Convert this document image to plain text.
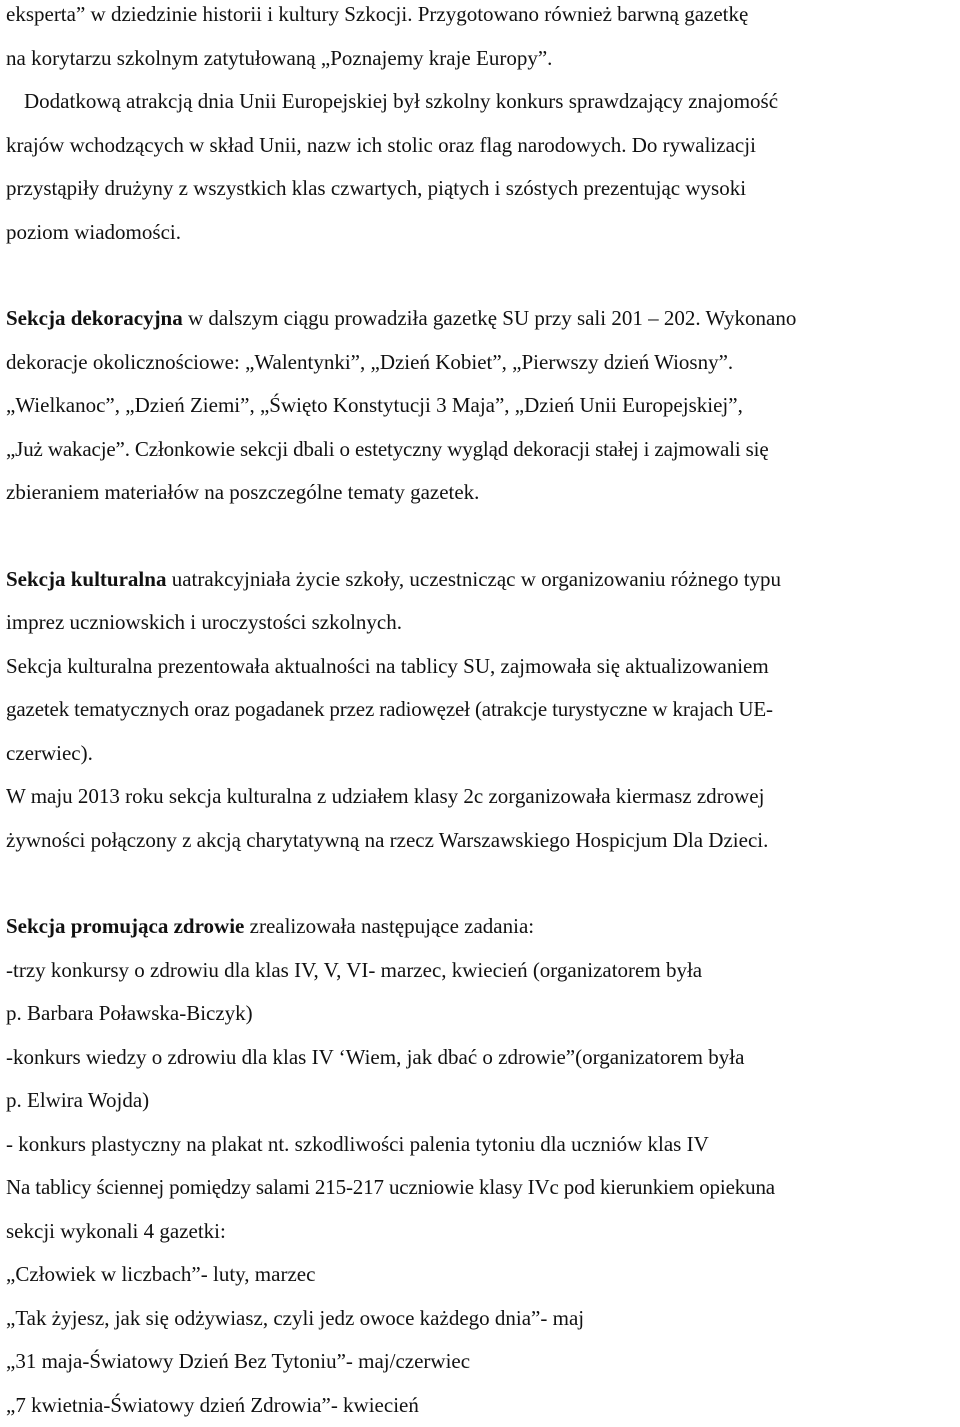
eksperta” w dziedzinie historii i kultury Szkocji. Przygotowano również barwną gazetkę
na korytarzu szkolnym zatytułowaną „Poznajemy kraje Europy”.
Dodatkową atrakcją dnia Unii Europejskiej był szkolny konkurs sprawdzający znajomość
krajów wchodzących w skład Unii, nazw ich stolic oraz flag narodowych. Do rywalizacji
przystąpiły drużyny z wszystkich klas czwartych, piątych i szóstych prezentując wysoki
poziom wiadomości.
Sekcja dekoracyjna w dalszym ciągu prowadziła gazetkę SU przy sali 201 – 202. Wykonano
dekoracje okolicznościowe: „Walentynki”, „Dzień Kobiet”, „Pierwszy dzień Wiosny”.
„Wielkanoc”, „Dzień Ziemi”, „Święto Konstytucji 3 Maja”, „Dzień Unii Europejskiej”,
„Już wakacje”. Członkowie sekcji dbali o estetyczny wygląd dekoracji stałej i zajmowali się
zbieraniem materiałów na poszczególne tematy gazetek.
Sekcja kulturalna uatrakcyjniała życie szkoły, uczestnicząc w organizowaniu różnego typu
imprez uczniowskich i uroczystości szkolnych.
Sekcja kulturalna prezentowała aktualności na tablicy SU, zajmowała się aktualizowaniem
gazetek tematycznych oraz pogadanek przez radiowęzeł (atrakcje turystyczne w krajach UE-
czerwiec).
W maju 2013 roku sekcja kulturalna z udziałem klasy 2c zorganizowała kiermasz zdrowej
żywności połączony z akcją charytatywną na rzecz Warszawskiego Hospicjum Dla Dzieci.
Sekcja promująca zdrowie zrealizowała następujące zadania:
-trzy konkursy o zdrowiu dla klas IV, V, VI- marzec, kwiecień (organizatorem była
p. Barbara Poławska-Biczyk)
-konkurs wiedzy o zdrowiu dla klas IV ‘Wiem, jak dbać o zdrowie”(organizatorem była
p. Elwira Wojda)
- konkurs plastyczny na plakat nt. szkodliwości palenia tytoniu dla uczniów klas IV
Na tablicy ściennej pomiędzy salami 215-217 uczniowie klasy IVc pod kierunkiem opiekuna
sekcji wykonali 4 gazetki:
„Człowiek w liczbach”- luty, marzec
„Tak żyjesz, jak się odżywiasz, czyli jedz owoce każdego dnia”- maj
„31 maja-Światowy Dzień Bez Tytoniu”- maj/czerwiec
„7 kwietnia-Światowy dzień Zdrowia”- kwiecień
